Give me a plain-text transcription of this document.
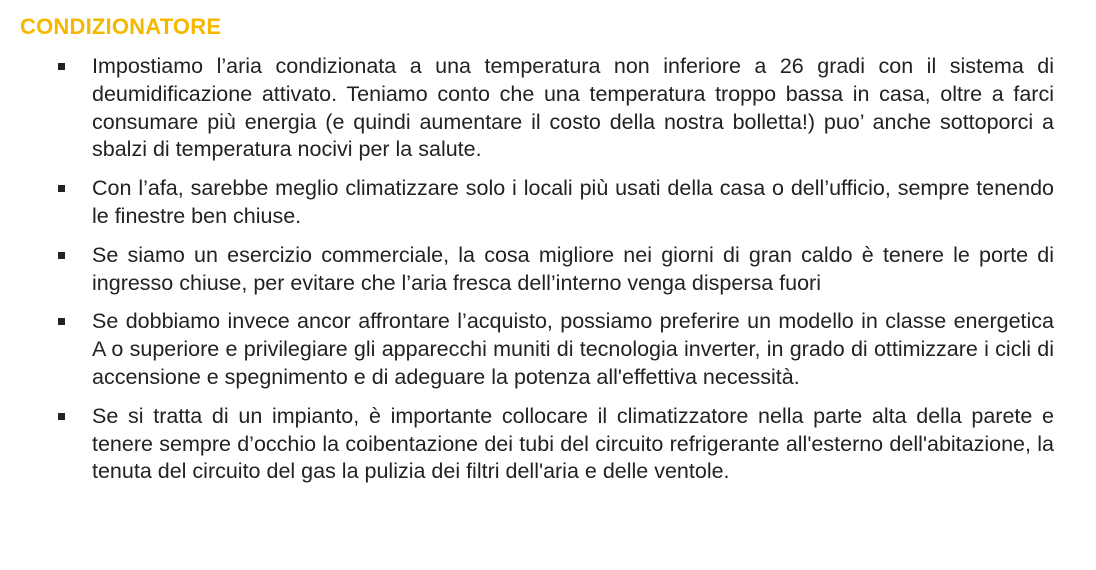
CONDIZIONATORE
Impostiamo l’aria condizionata a una temperatura non inferiore a 26 gradi con il sistema di deumidificazione attivato. Teniamo conto che una temperatura troppo bassa in casa, oltre a farci consumare più energia (e quindi aumentare il costo della nostra bolletta!) puo’ anche sottoporci a sbalzi di temperatura nocivi per la salute.
Con l’afa, sarebbe meglio climatizzare solo i locali più usati della casa o dell’ufficio, sempre tenendo le finestre ben chiuse.
Se siamo un esercizio commerciale, la cosa migliore nei giorni di gran caldo è tenere le porte di ingresso chiuse, per evitare che l’aria fresca dell’interno venga dispersa fuori
Se dobbiamo invece ancor affrontare l’acquisto, possiamo preferire un modello in classe energetica A o superiore e privilegiare gli apparecchi muniti di tecnologia inverter, in grado di ottimizzare i cicli di accensione e spegnimento e di adeguare la potenza all'effettiva necessità.
Se si tratta di un impianto, è importante collocare il climatizzatore nella parte alta della parete e tenere sempre d’occhio la coibentazione dei tubi del circuito refrigerante all'esterno dell'abitazione, la tenuta del circuito del gas la pulizia dei filtri dell'aria e delle ventole.
